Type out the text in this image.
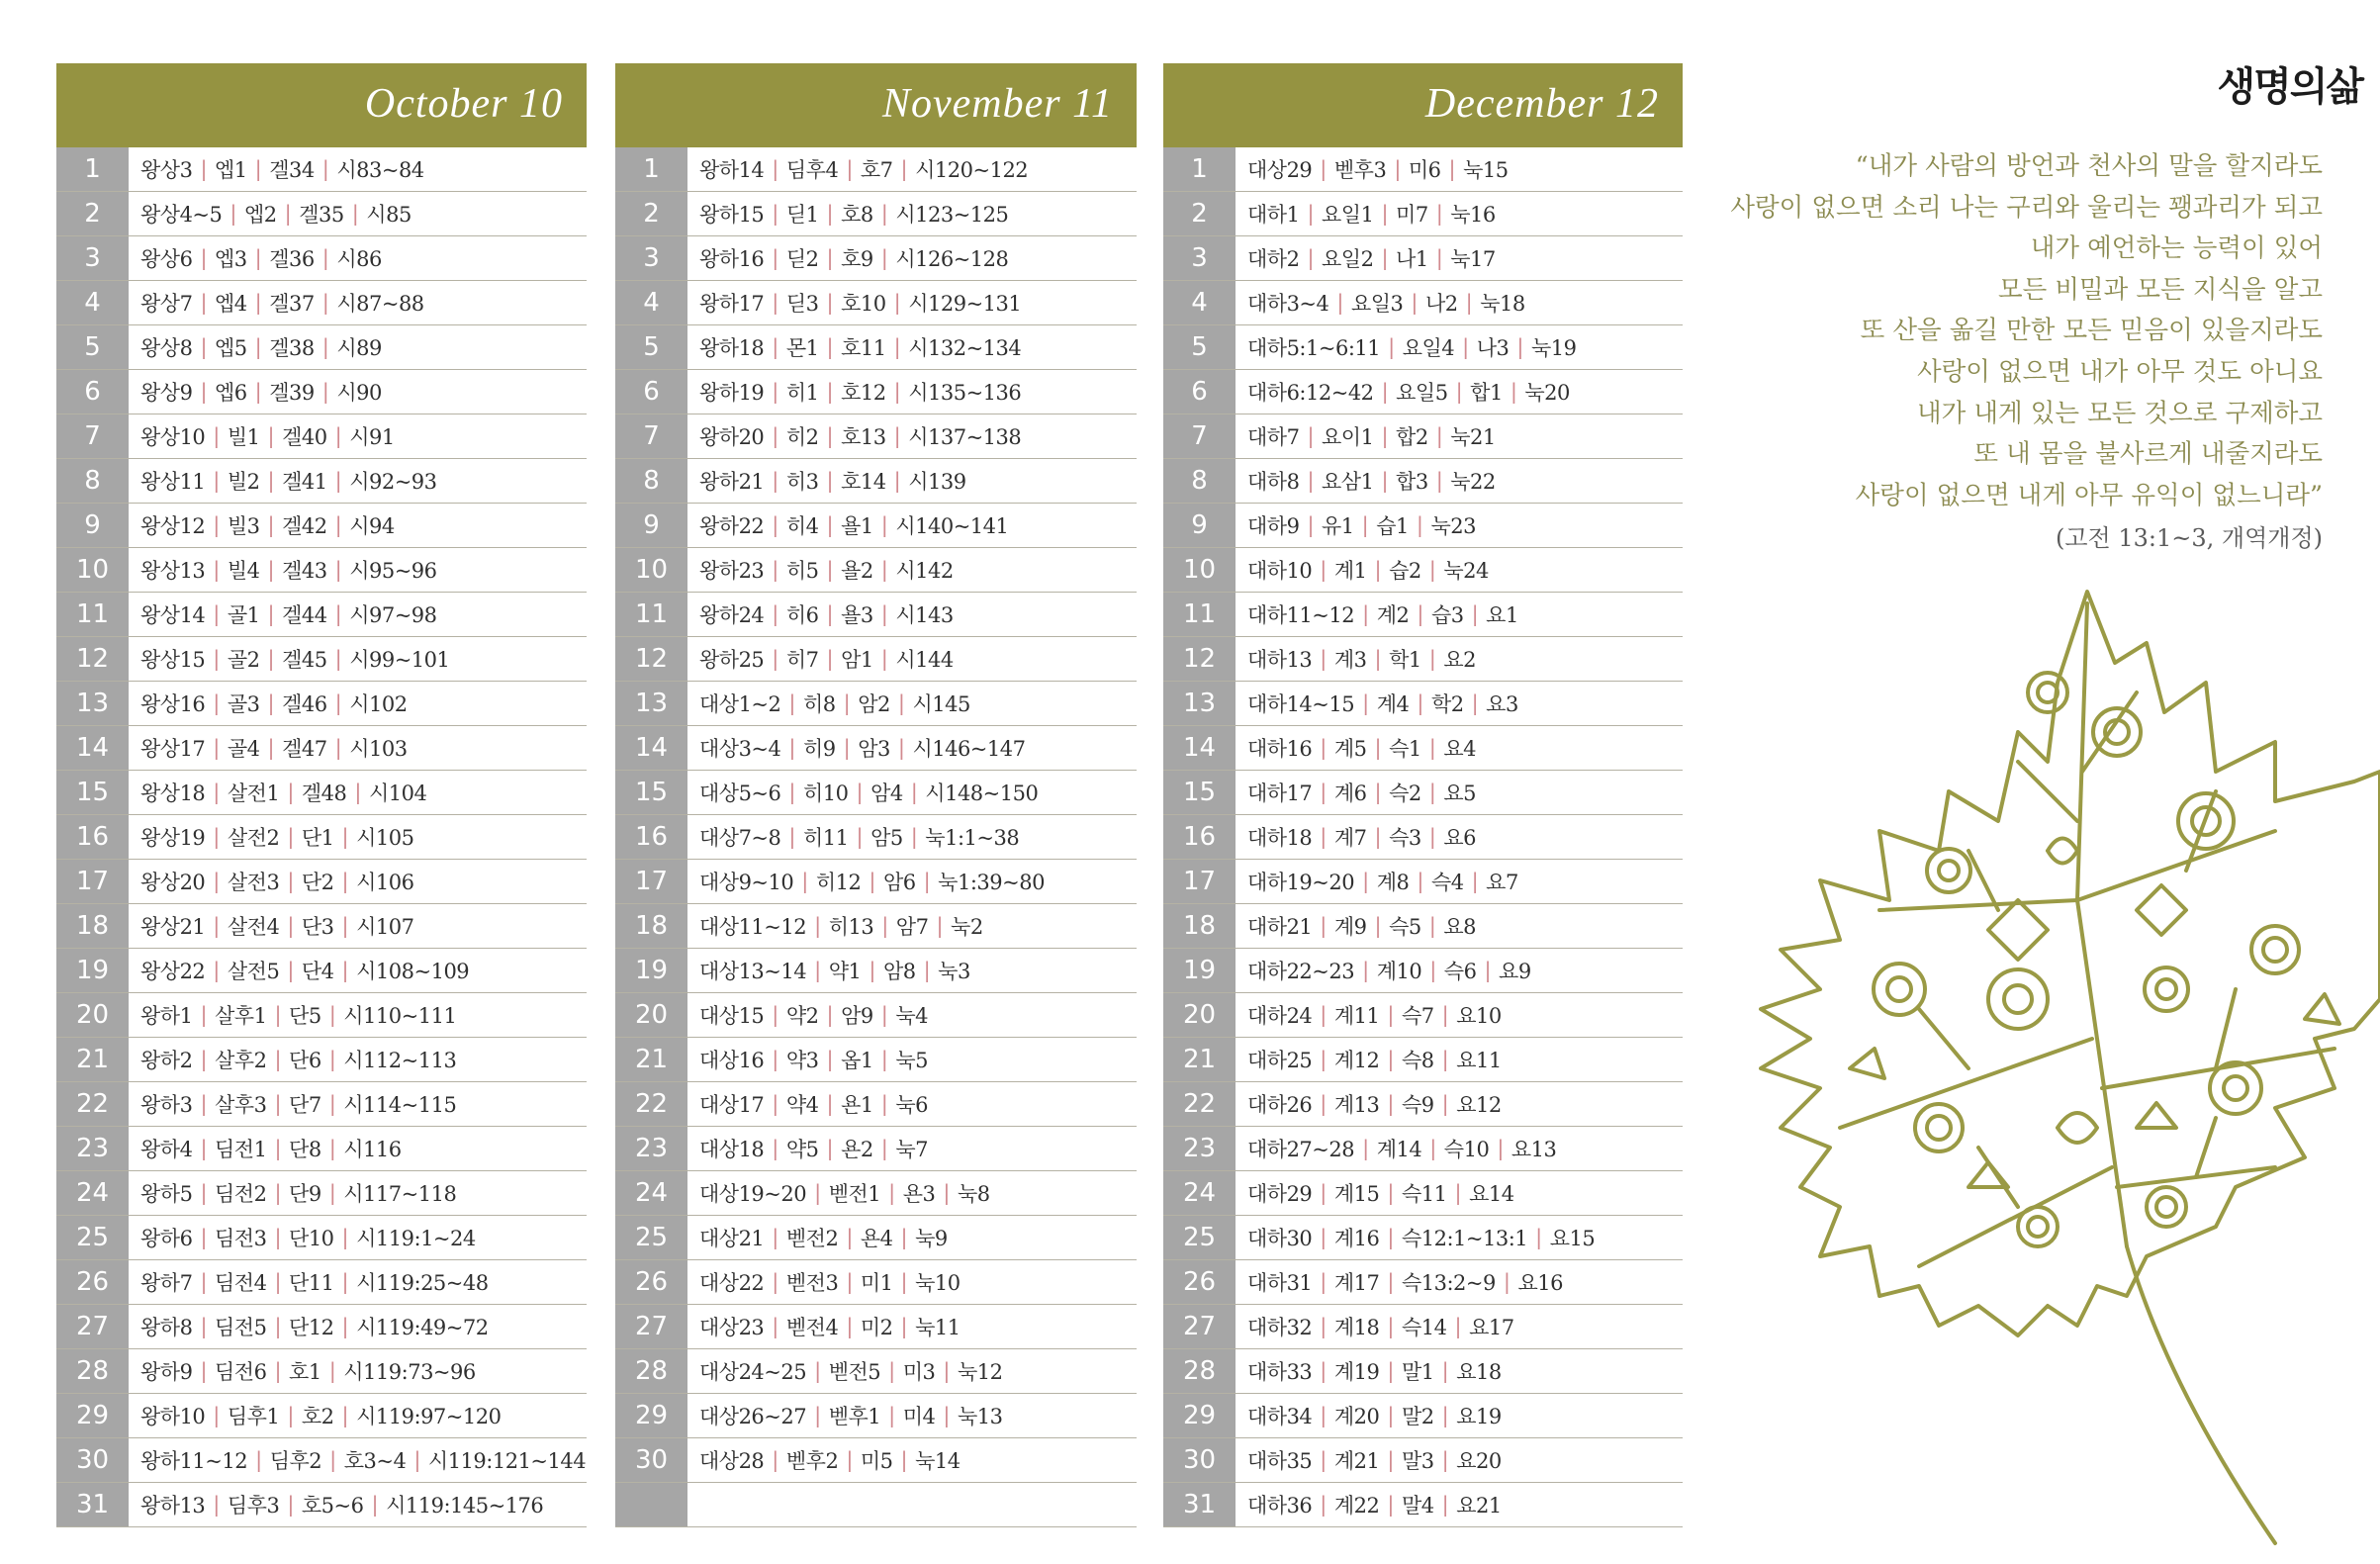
생명의삶
October 10
1	왕상3 | 엡1 | 겔34 | 시83~84
2	왕상4~5 | 엡2 | 겔35 | 시85
3	왕상6 | 엡3 | 겔36 | 시86
4	왕상7 | 엡4 | 겔37 | 시87~88
5	왕상8 | 엡5 | 겔38 | 시89
6	왕상9 | 엡6 | 겔39 | 시90
7	왕상10 | 빌1 | 겔40 | 시91
8	왕상11 | 빌2 | 겔41 | 시92~93
9	왕상12 | 빌3 | 겔42 | 시94
10	왕상13 | 빌4 | 겔43 | 시95~96
11	왕상14 | 골1 | 겔44 | 시97~98
12	왕상15 | 골2 | 겔45 | 시99~101
13	왕상16 | 골3 | 겔46 | 시102
14	왕상17 | 골4 | 겔47 | 시103
15	왕상18 | 살전1 | 겔48 | 시104
16	왕상19 | 살전2 | 단1 | 시105
17	왕상20 | 살전3 | 단2 | 시106
18	왕상21 | 살전4 | 단3 | 시107
19	왕상22 | 살전5 | 단4 | 시108~109
20	왕하1 | 살후1 | 단5 | 시110~111
21	왕하2 | 살후2 | 단6 | 시112~113
22	왕하3 | 살후3 | 단7 | 시114~115
23	왕하4 | 딤전1 | 단8 | 시116
24	왕하5 | 딤전2 | 단9 | 시117~118
25	왕하6 | 딤전3 | 단10 | 시119:1~24
26	왕하7 | 딤전4 | 단11 | 시119:25~48
27	왕하8 | 딤전5 | 단12 | 시119:49~72
28	왕하9 | 딤전6 | 호1 | 시119:73~96
29	왕하10 | 딤후1 | 호2 | 시119:97~120
30	왕하11~12 | 딤후2 | 호3~4 | 시119:121~144
31	왕하13 | 딤후3 | 호5~6 | 시119:145~176
November 11
1	왕하14 | 딤후4 | 호7 | 시120~122
2	왕하15 | 딛1 | 호8 | 시123~125
3	왕하16 | 딛2 | 호9 | 시126~128
4	왕하17 | 딛3 | 호10 | 시129~131
5	왕하18 | 몬1 | 호11 | 시132~134
6	왕하19 | 히1 | 호12 | 시135~136
7	왕하20 | 히2 | 호13 | 시137~138
8	왕하21 | 히3 | 호14 | 시139
9	왕하22 | 히4 | 욜1 | 시140~141
10	왕하23 | 히5 | 욜2 | 시142
11	왕하24 | 히6 | 욜3 | 시143
12	왕하25 | 히7 | 암1 | 시144
13	대상1~2 | 히8 | 암2 | 시145
14	대상3~4 | 히9 | 암3 | 시146~147
15	대상5~6 | 히10 | 암4 | 시148~150
16	대상7~8 | 히11 | 암5 | 눅1:1~38
17	대상9~10 | 히12 | 암6 | 눅1:39~80
18	대상11~12 | 히13 | 암7 | 눅2
19	대상13~14 | 약1 | 암8 | 눅3
20	대상15 | 약2 | 암9 | 눅4
21	대상16 | 약3 | 옵1 | 눅5
22	대상17 | 약4 | 욘1 | 눅6
23	대상18 | 약5 | 욘2 | 눅7
24	대상19~20 | 벧전1 | 욘3 | 눅8
25	대상21 | 벧전2 | 욘4 | 눅9
26	대상22 | 벧전3 | 미1 | 눅10
27	대상23 | 벧전4 | 미2 | 눅11
28	대상24~25 | 벧전5 | 미3 | 눅12
29	대상26~27 | 벧후1 | 미4 | 눅13
30	대상28 | 벧후2 | 미5 | 눅14
December 12
1	대상29 | 벧후3 | 미6 | 눅15
2	대하1 | 요일1 | 미7 | 눅16
3	대하2 | 요일2 | 나1 | 눅17
4	대하3~4 | 요일3 | 나2 | 눅18
5	대하5:1~6:11 | 요일4 | 나3 | 눅19
6	대하6:12~42 | 요일5 | 합1 | 눅20
7	대하7 | 요이1 | 합2 | 눅21
8	대하8 | 요삼1 | 합3 | 눅22
9	대하9 | 유1 | 습1 | 눅23
10	대하10 | 계1 | 습2 | 눅24
11	대하11~12 | 계2 | 습3 | 요1
12	대하13 | 계3 | 학1 | 요2
13	대하14~15 | 계4 | 학2 | 요3
14	대하16 | 계5 | 슥1 | 요4
15	대하17 | 계6 | 슥2 | 요5
16	대하18 | 계7 | 슥3 | 요6
17	대하19~20 | 계8 | 슥4 | 요7
18	대하21 | 계9 | 슥5 | 요8
19	대하22~23 | 계10 | 슥6 | 요9
20	대하24 | 계11 | 슥7 | 요10
21	대하25 | 계12 | 슥8 | 요11
22	대하26 | 계13 | 슥9 | 요12
23	대하27~28 | 계14 | 슥10 | 요13
24	대하29 | 계15 | 슥11 | 요14
25	대하30 | 계16 | 슥12:1~13:1 | 요15
26	대하31 | 계17 | 슥13:2~9 | 요16
27	대하32 | 계18 | 슥14 | 요17
28	대하33 | 계19 | 말1 | 요18
29	대하34 | 계20 | 말2 | 요19
30	대하35 | 계21 | 말3 | 요20
31	대하36 | 계22 | 말4 | 요21
“내가 사람의 방언과 천사의 말을 할지라도
사랑이 없으면 소리 나는 구리와 울리는 꽹과리가 되고
내가 예언하는 능력이 있어
모든 비밀과 모든 지식을 알고
또 산을 옮길 만한 모든 믿음이 있을지라도
사랑이 없으면 내가 아무 것도 아니요
내가 내게 있는 모든 것으로 구제하고
또 내 몸을 불사르게 내줄지라도
사랑이 없으면 내게 아무 유익이 없느니라”
(고전 13:1~3, 개역개정)
